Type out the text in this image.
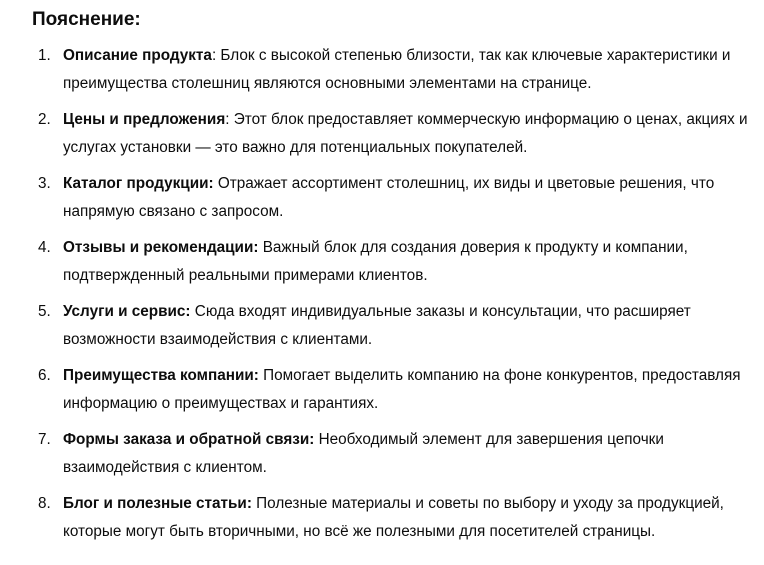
Пояснение:
1. Описание продукта: Блок с высокой степенью близости, так как ключевые характеристики и преимущества столешниц являются основными элементами на странице.
2. Цены и предложения: Этот блок предоставляет коммерческую информацию о ценах, акциях и услугах установки — это важно для потенциальных покупателей.
3. Каталог продукции: Отражает ассортимент столешниц, их виды и цветовые решения, что напрямую связано с запросом.
4. Отзывы и рекомендации: Важный блок для создания доверия к продукту и компании, подтвержденный реальными примерами клиентов.
5. Услуги и сервис: Сюда входят индивидуальные заказы и консультации, что расширяет возможности взаимодействия с клиентами.
6. Преимущества компании: Помогает выделить компанию на фоне конкурентов, предоставляя информацию о преимуществах и гарантиях.
7. Формы заказа и обратной связи: Необходимый элемент для завершения цепочки взаимодействия с клиентом.
8. Блог и полезные статьи: Полезные материалы и советы по выбору и уходу за продукцией, которые могут быть вторичными, но всё же полезными для посетителей страницы.
